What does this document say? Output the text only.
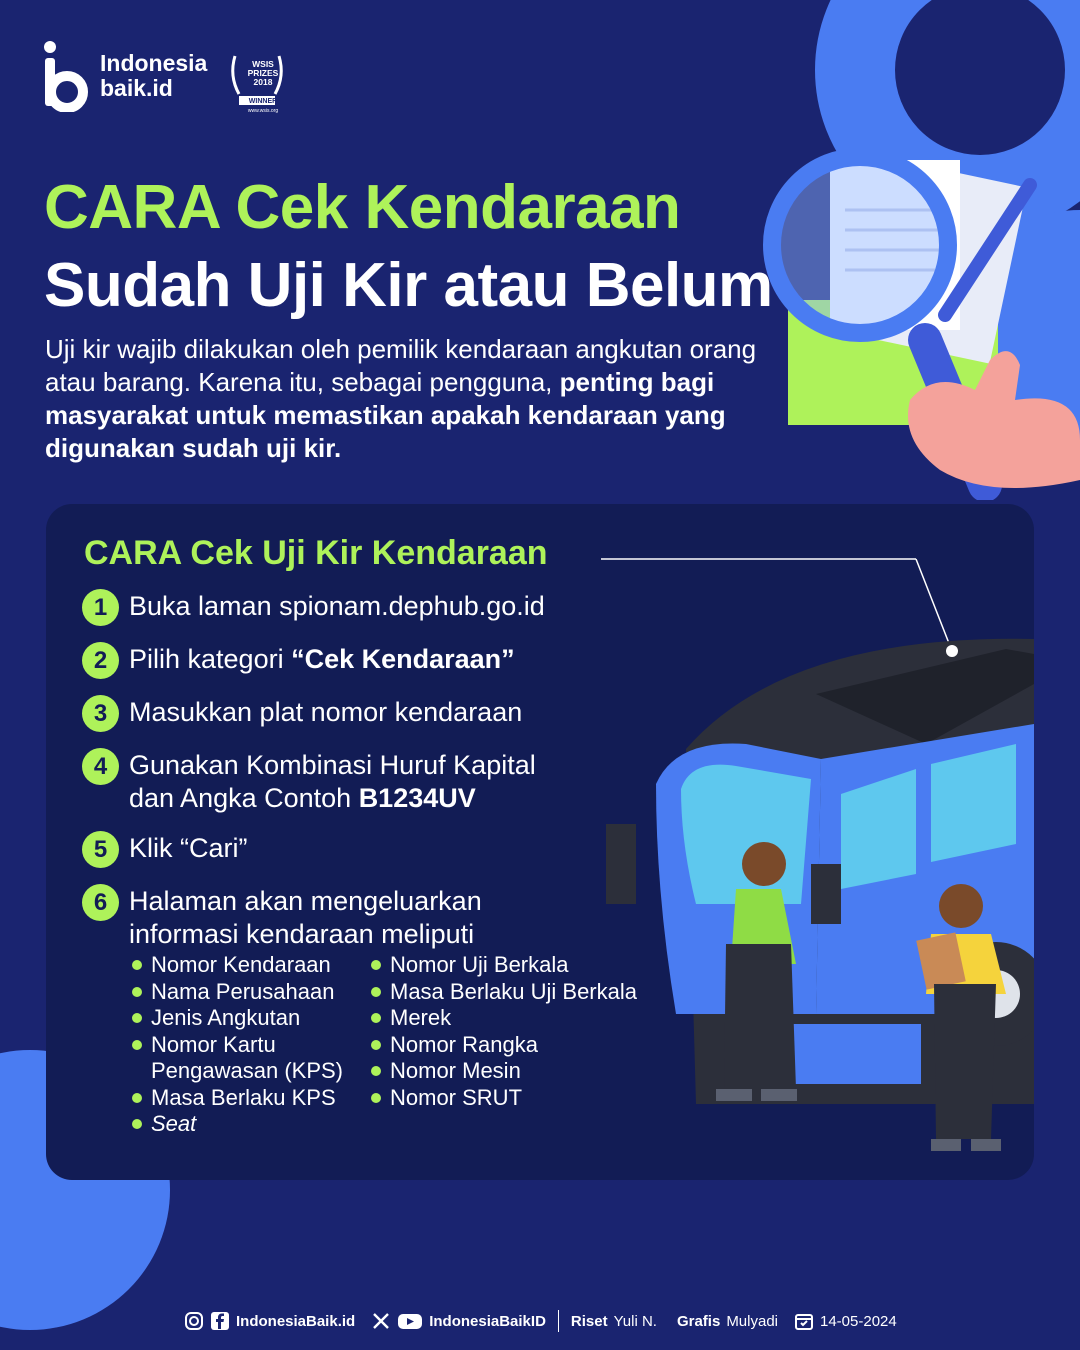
Indonesia
baik.id
WSIS
PRIZES
2018
WINNER
www.wsis.org
CARA Cek Kendaraan
Sudah Uji Kir atau Belum
Uji kir wajib dilakukan oleh pemilik kendaraan angkutan orang atau barang. Karena itu, sebagai pengguna, penting bagi masyarakat untuk memastikan apakah kendaraan yang digunakan sudah uji kir.
CARA Cek Uji Kir Kendaraan
1 Buka laman spionam.dephub.go.id
2 Pilih kategori “Cek Kendaraan”
3 Masukkan plat nomor kendaraan
4 Gunakan Kombinasi Huruf Kapital dan Angka Contoh B1234UV
5 Klik “Cari”
6 Halaman akan mengeluarkan informasi kendaraan meliputi
Nomor Kendaraan
Nama Perusahaan
Jenis Angkutan
Nomor Kartu
Pengawasan (KPS)
Masa Berlaku KPS
Seat
Nomor Uji Berkala
Masa Berlaku Uji Berkala
Merek
Nomor Rangka
Nomor Mesin
Nomor SRUT
IndonesiaBaik.id	IndonesiaBaikID Riset Yuli N. Grafis Mulyadi	14-05-2024
